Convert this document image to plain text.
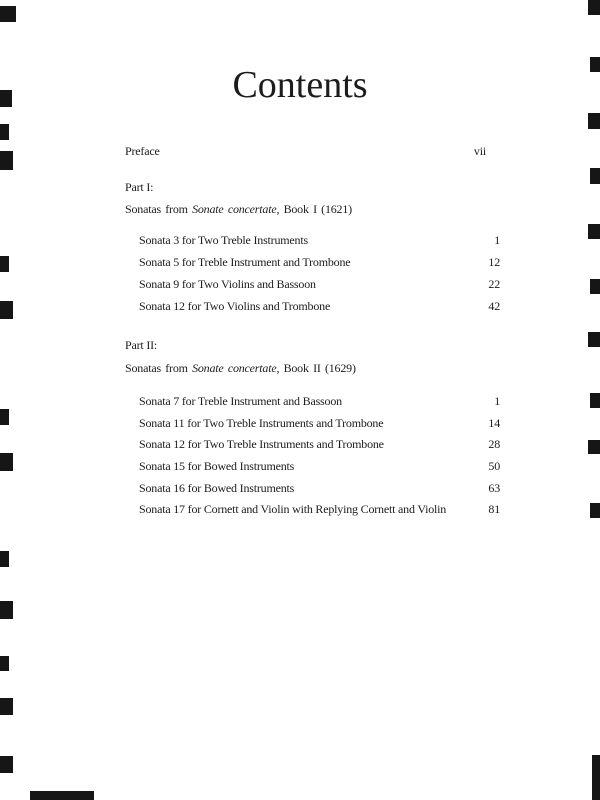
Contents
Preface	vii
Part I:
Sonatas from Sonate concertate, Book I (1621)
Sonata 3 for Two Treble Instruments	1
Sonata 5 for Treble Instrument and Trombone	12
Sonata 9 for Two Violins and Bassoon	22
Sonata 12 for Two Violins and Trombone	42
Part II:
Sonatas from Sonate concertate, Book II (1629)
Sonata 7 for Treble Instrument and Bassoon	1
Sonata 11 for Two Treble Instruments and Trombone	14
Sonata 12 for Two Treble Instruments and Trombone	28
Sonata 15 for Bowed Instruments	50
Sonata 16 for Bowed Instruments	63
Sonata 17 for Cornett and Violin with Replying Cornett and Violin	81
